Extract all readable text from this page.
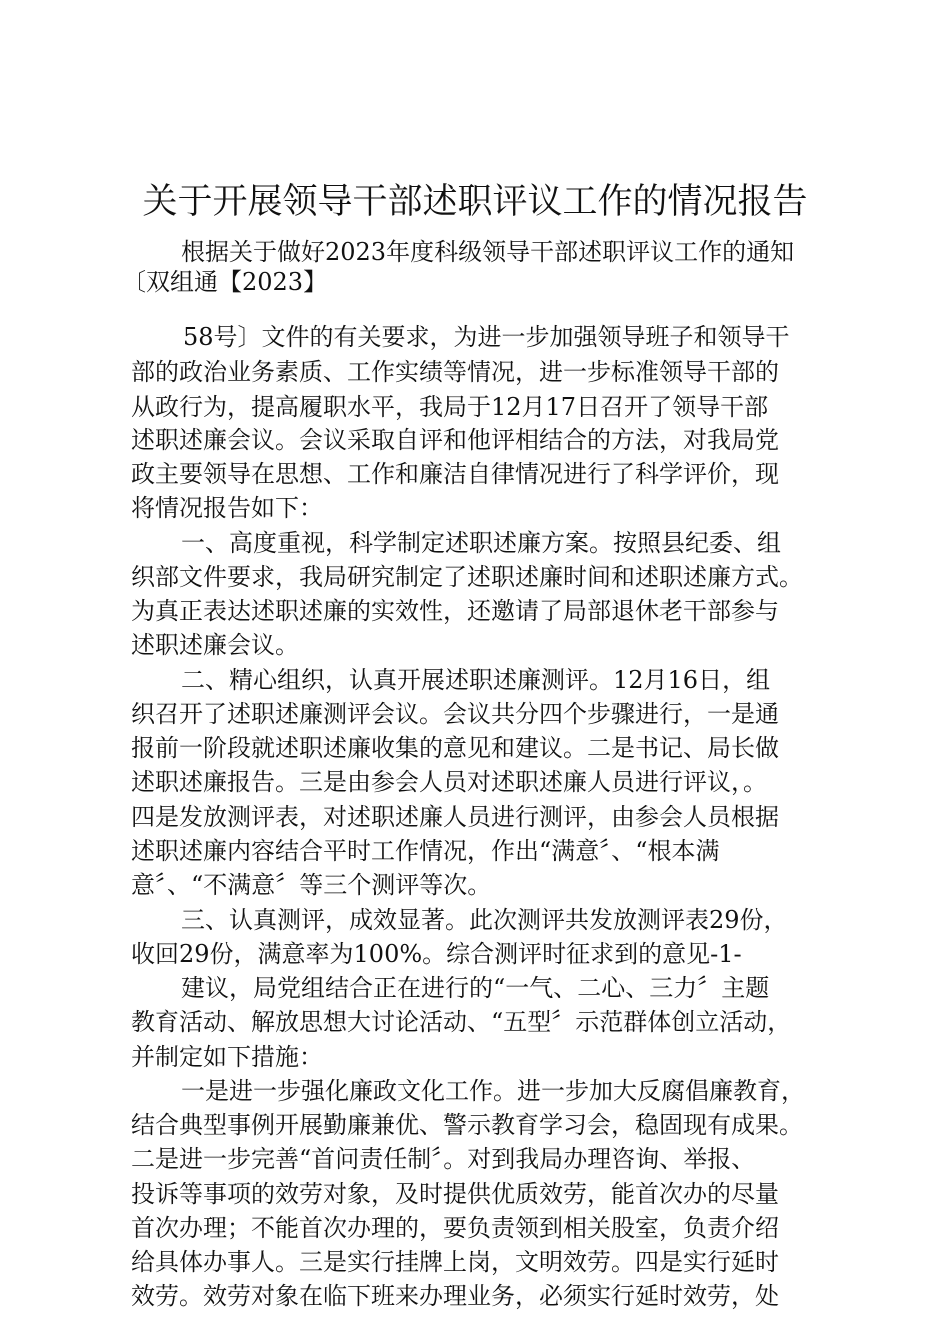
关于开展领导干部述职评议工作的情况报告
根据关于做好2023年度科级领导干部述职评议工作的通知
〔双组通【2023】
58号〕文件的有关要求，为进一步加强领导班子和领导干
部的政治业务素质、工作实绩等情况，进一步标准领导干部的
从政行为，提高履职水平，我局于12月17日召开了领导干部
述职述廉会议。会议采取自评和他评相结合的方法，对我局党
政主要领导在思想、工作和廉洁自律情况进行了科学评价，现
将情况报告如下：
一、高度重视，科学制定述职述廉方案。按照县纪委、组
织部文件要求，我局研究制定了述职述廉时间和述职述廉方式。
为真正表达述职述廉的实效性，还邀请了局部退休老干部参与
述职述廉会议。
二、精心组织，认真开展述职述廉测评。12月16日，组
织召开了述职述廉测评会议。会议共分四个步骤进行，一是通
报前一阶段就述职述廉收集的意见和建议。二是书记、局长做
述职述廉报告。三是由参会人员对述职述廉人员进行评议，。
四是发放测评表，对述职述廉人员进行测评，由参会人员根据
述职述廉内容结合平时工作情况，作出“满意〞、“根本满
意〞、“不满意〞等三个测评等次。
三、认真测评，成效显著。此次测评共发放测评表29份，
收回29份，满意率为100%。综合测评时征求到的意见-1-
建议，局党组结合正在进行的“一气、二心、三力〞主题
教育活动、解放思想大讨论活动、“五型〞示范群体创立活动，
并制定如下措施：
一是进一步强化廉政文化工作。进一步加大反腐倡廉教育，
结合典型事例开展勤廉兼优、警示教育学习会，稳固现有成果。
二是进一步完善“首问责任制〞。对到我局办理咨询、举报、
投诉等事项的效劳对象，及时提供优质效劳，能首次办的尽量
首次办理；不能首次办理的，要负责领到相关股室，负责介绍
给具体办事人。三是实行挂牌上岗，文明效劳。四是实行延时
效劳。效劳对象在临下班来办理业务，必须实行延时效劳，处
